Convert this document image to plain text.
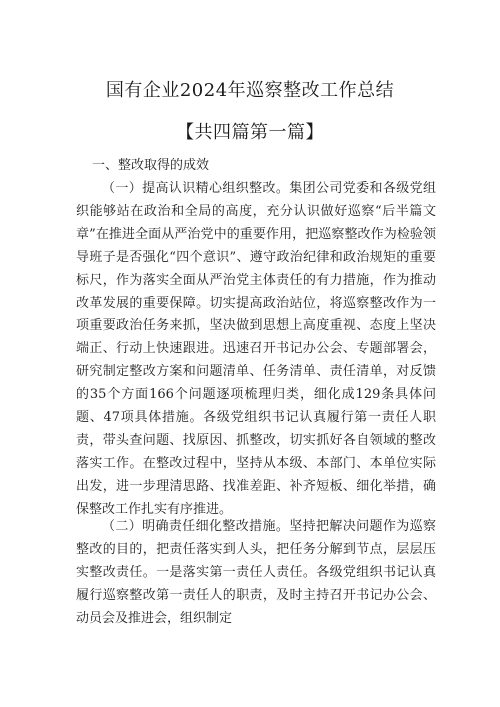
国有企业2024年巡察整改工作总结
【共四篇第一篇】
一、整改取得的成效

（一）提高认识精心组织整改。集团公司党委和各级党组织能够站在政治和全局的高度，充分认识做好巡察“后半篇文章”在推进全面从严治党中的重要作用，把巡察整改作为检验领导班子是否强化“四个意识”、遵守政治纪律和政治规矩的重要标尺，作为落实全面从严治党主体责任的有力措施，作为推动改革发展的重要保障。切实提高政治站位，将巡察整改作为一项重要政治任务来抓，坚决做到思想上高度重视、态度上坚决端正、行动上快速跟进。迅速召开书记办公会、专题部署会，研究制定整改方案和问题清单、任务清单、责任清单，对反馈的35个方面166个问题逐项梳理归类，细化成129条具体问题、47项具体措施。各级党组织书记认真履行第一责任人职责，带头查问题、找原因、抓整改，切实抓好各自领域的整改落实工作。在整改过程中，坚持从本级、本部门、本单位实际出发，进一步理清思路、找准差距、补齐短板、细化举措，确保整改工作扎实有序推进。

（二）明确责任细化整改措施。坚持把解决问题作为巡察整改的目的，把责任落实到人头，把任务分解到节点，层层压实整改责任。一是落实第一责任人责任。各级党组织书记认真履行巡察整改第一责任人的职责，及时主持召开书记办公会、动员会及推进会，组织制定
